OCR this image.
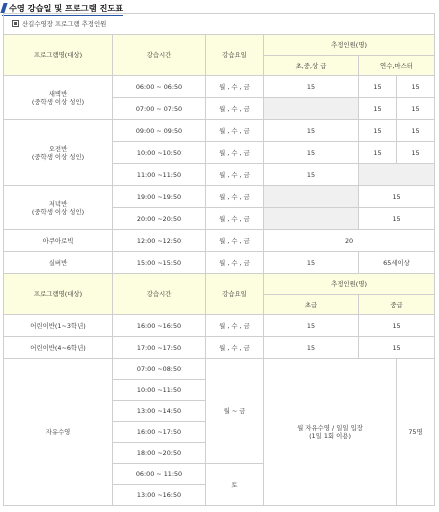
수영 강습일 및 프로그램 진도표
산길수영장 프로그램 추정인원					
프로그램명(대상)	강습시간	강습요일	추정인원(명)		
			초,중,상 급	연수,마스터	

새벽반
(중학생 이상 성인)	06:00 ~ 06:50	월 , 수 , 금	15	15	15
	07:00 ~ 07:50	월 , 수 , 금		15	15

오전반
(중학생 이상 성인)	09:00 ~ 09:50	월 , 수 , 금	15	15	15
	10:00 ~10:50	월 , 수 , 금	15	15	15
	11:00 ~11:50	월 , 수 , 금	15		

저녁반
(중학생 이상 성인)	19:00 ~19:50	월 , 수 , 금		15	
	20:00 ~20:50	월 , 수 , 금		15	
아쿠아로빅	12:00 ~12:50	월 , 수 , 금	20		
실버반	15:00 ~15:50	월 , 수 , 금	15	65세이상	
프로그램명(대상)	강습시간	강습요일	추정인원(명)		
			초급	중급	
어린이반(1~3학년)	16:00 ~16:50	월 , 수 , 금	15	15	
어린이반(4~6학년)	17:00 ~17:50	월 , 수 , 금	15	15	
자유수영	07:00 ~08:50	월 ~ 금	월 자유수영 / 일일 입장
(1일 1회 이용)		75명
	10:00 ~11:50				
	13:00 ~14:50				
	16:00 ~17:50				
	18:00 ~20:50				
	06:00 ~ 11:50	토			
	13:00 ~16:50				
